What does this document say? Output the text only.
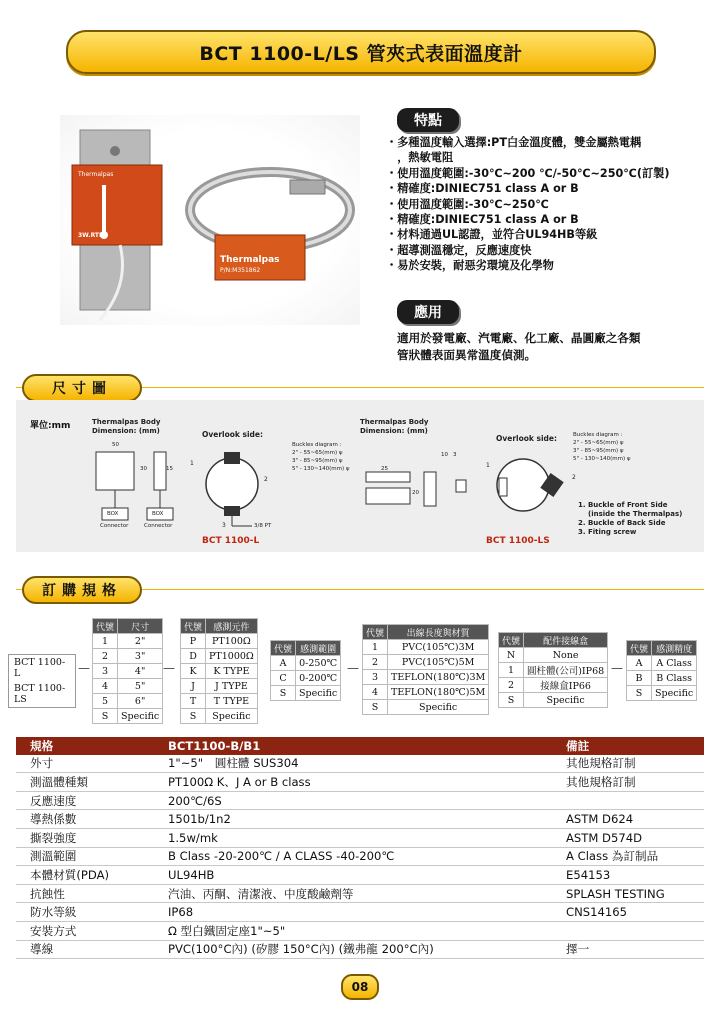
BCT 1100-L/LS 管夾式表面溫度計
Thermalpas
3W.RTD
Thermalpas
P/N:M351862
特點
・多種溫度輸入選擇:PT白金溫度體，雙金屬熱電耦
　，熱敏電阻
・使用溫度範圍:-30℃~200 ℃/-50℃~250℃(訂製)
・精確度:DINIEC751 class A or B
・使用溫度範圍:-30℃~250℃
・精確度:DINIEC751 class A or B
・材料通過UL認證，並符合UL94HB等級
・超導測溫穩定，反應速度快
・易於安裝，耐惡劣環境及化學物
應用
適用於發電廠、汽電廠、化工廠、晶圓廠之各類
管狀體表面異常溫度偵測。
尺寸圖
單位:mm	Thermalpas Body
Dimension: (mm)	Overlook side:
Thermalpas Body
Dimension: (mm)
Overlook side:
Buckles diagram :
2" - 55~65(mm) ψ
3" - 85~95(mm) ψ
5" - 130~140(mm) ψ
Buckles diagram :
2" - 55~65(mm) ψ
3" - 85~95(mm) ψ
5" - 130~140(mm) ψ
50
30	15	25
10 3
20
BOX	BOX
Connector	Connector	3/8 PT
1
2
3
1
2
BCT 1100-L	BCT 1100-LS
1. Buckle of Front Side
(inside the Thermalpas)
2. Buckle of Back Side
3. Fiting screw
訂購規格
BCT 1100-L
BCT 1100-LS
—
代號	尺寸
1	2"
2	3"
3	4"
4	5"
5	6"
S	Specific
—
代號	感測元件
P	PT100Ω
D	PT1000Ω
K	K TYPE
J	J TYPE
T	T TYPE
S	Specific
代號	感測範圍
A	0-250℃
C	0-200℃
S	Specific
—
代號	出線長度與材質
1	PVC(105℃)3M
2	PVC(105℃)5M
3	TEFLON(180℃)3M
4	TEFLON(180℃)5M
S	Specific
代號	配件接線盒
N	None
1	圓柱體(公司)IP68
2	接線盒IP66
S	Specific
—
代號	感測精度
A	A Class
B	B Class
S	Specific
規格	BCT1100-B/B1	備註
外寸	1"~5"　圓柱體 SUS304	其他規格訂制
測溫體種類	PT100Ω K、J A or B class	其他規格訂制
反應速度	200℃/6S	
導熱係數	1501b/1n2	ASTM D624
撕裂強度	1.5w/mk	ASTM D574D
測溫範圍	B Class -20-200℃ / A CLASS -40-200℃	A Class 為訂制品
本體材質(PDA)	UL94HB	E54153
抗蝕性	汽油、丙酮、清潔液、中度酸鹼劑等	SPLASH TESTING
防水等級	IP68	CNS14165
安裝方式	Ω 型白鐵固定座1"~5"	
導線	PVC(100°C內) (矽膠 150°C內) (鐵弗龍 200°C內)	擇一
08
